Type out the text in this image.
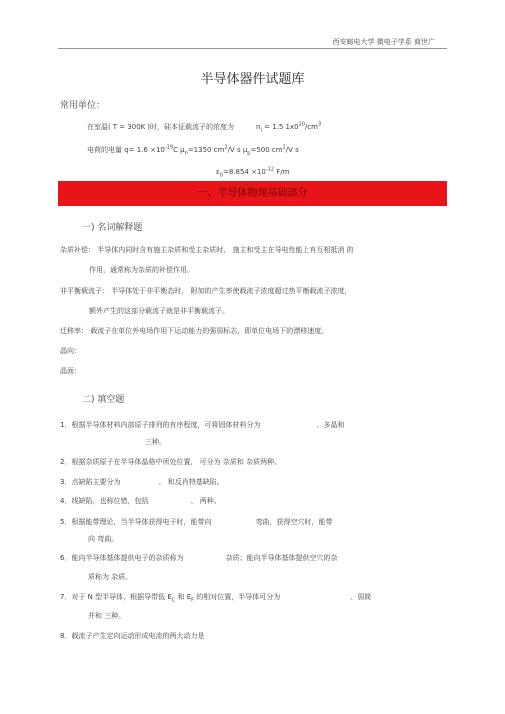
西安邮电大学 微电子学系 商世广
半导体器件试题库
常用单位：
在室温( T = 300K )时，硅本征载流子的浓度为	$n_i = 1.5$ $1x0^{10}/cm^3$
电荷的电量 $q= 1.6 \times 10^{-19}C$ $\mu_n=1350$ $cm^2/V$ s $\mu_p=500$ $cm^2/V$ s
$\varepsilon_0=8.854 \times 10^{-12}$ F/m
一、半导体物理基础部分
一) 名词解释题
杂质补偿： 半导体内同时含有施主杂质和受主杂质时， 施主和受主在导电性能上有互相抵消 的
作用，通常称为杂质的补偿作用。
非平衡载流子： 半导体处于非平衡态时， 附加的产生率使载流子浓度超过热平衡载流子浓度，
额外产生的这部分载流子就是非平衡载流子。
迁移率： 载流子在单位外电场作用下运动能力的强弱标志，即单位电场下的漂移速度。
晶向：
晶面：
二) 填空题
1．根据半导体材料内部原子排列的有序程度，可将固体材料分为	、多晶和
三种。
2．根据杂质原子在半导体晶格中所处位置， 可分为 杂质和 杂质两种。
3．点缺陷主要分为	、 和反肖特基缺陷。
4．线缺陷，也称位错，包括	、 两种。
5．根据能带理论，当半导体获得电子时，能带向	弯曲，获得空穴时，能带
向 弯曲。
6．能向半导体基体提供电子的杂质称为	杂质；能向半导体基体提供空穴的杂
质称为 杂质。
7．对于 N 型半导体，根据导带低 $E_C$ 和 $E_F$ 的相对位置，半导体可分为	、弱简
并和 三种。
8．载流子产生定向运动形成电流的两大动力是
